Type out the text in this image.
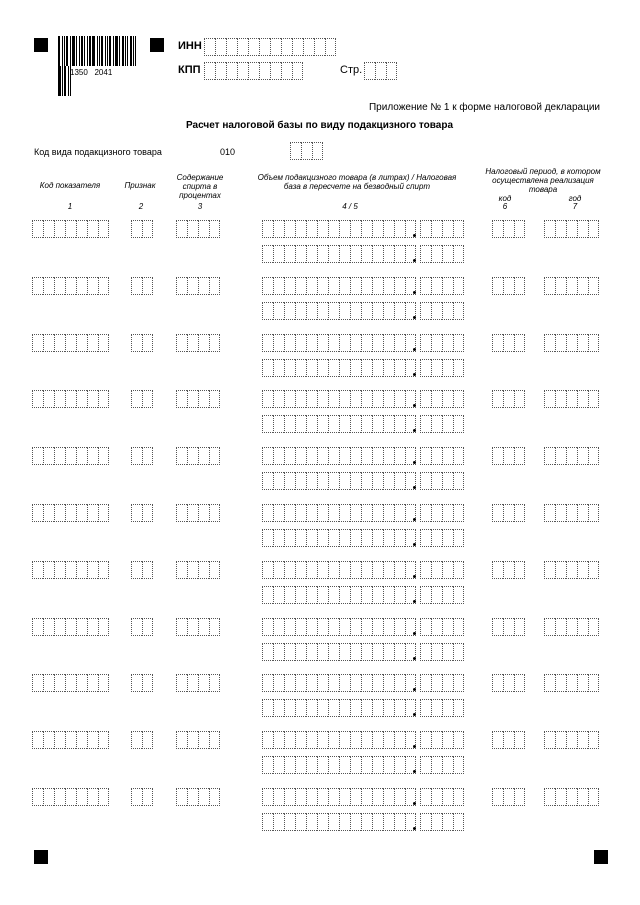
1350   2041
ИНН
КПП	Стр.
Приложение № 1 к форме налоговой декларации
Расчет налоговой базы по виду подакцизного товара
Код вида подакцизного товара	010
Код показателя	Признак
Содержание спирта в процентах
Объем подакцизного товара (в литрах) / Налоговая база в пересчете на безводный спирт
Налоговый период, в котором осуществлена реализация товара
код	год
1	2	3	4 / 5	6	7
